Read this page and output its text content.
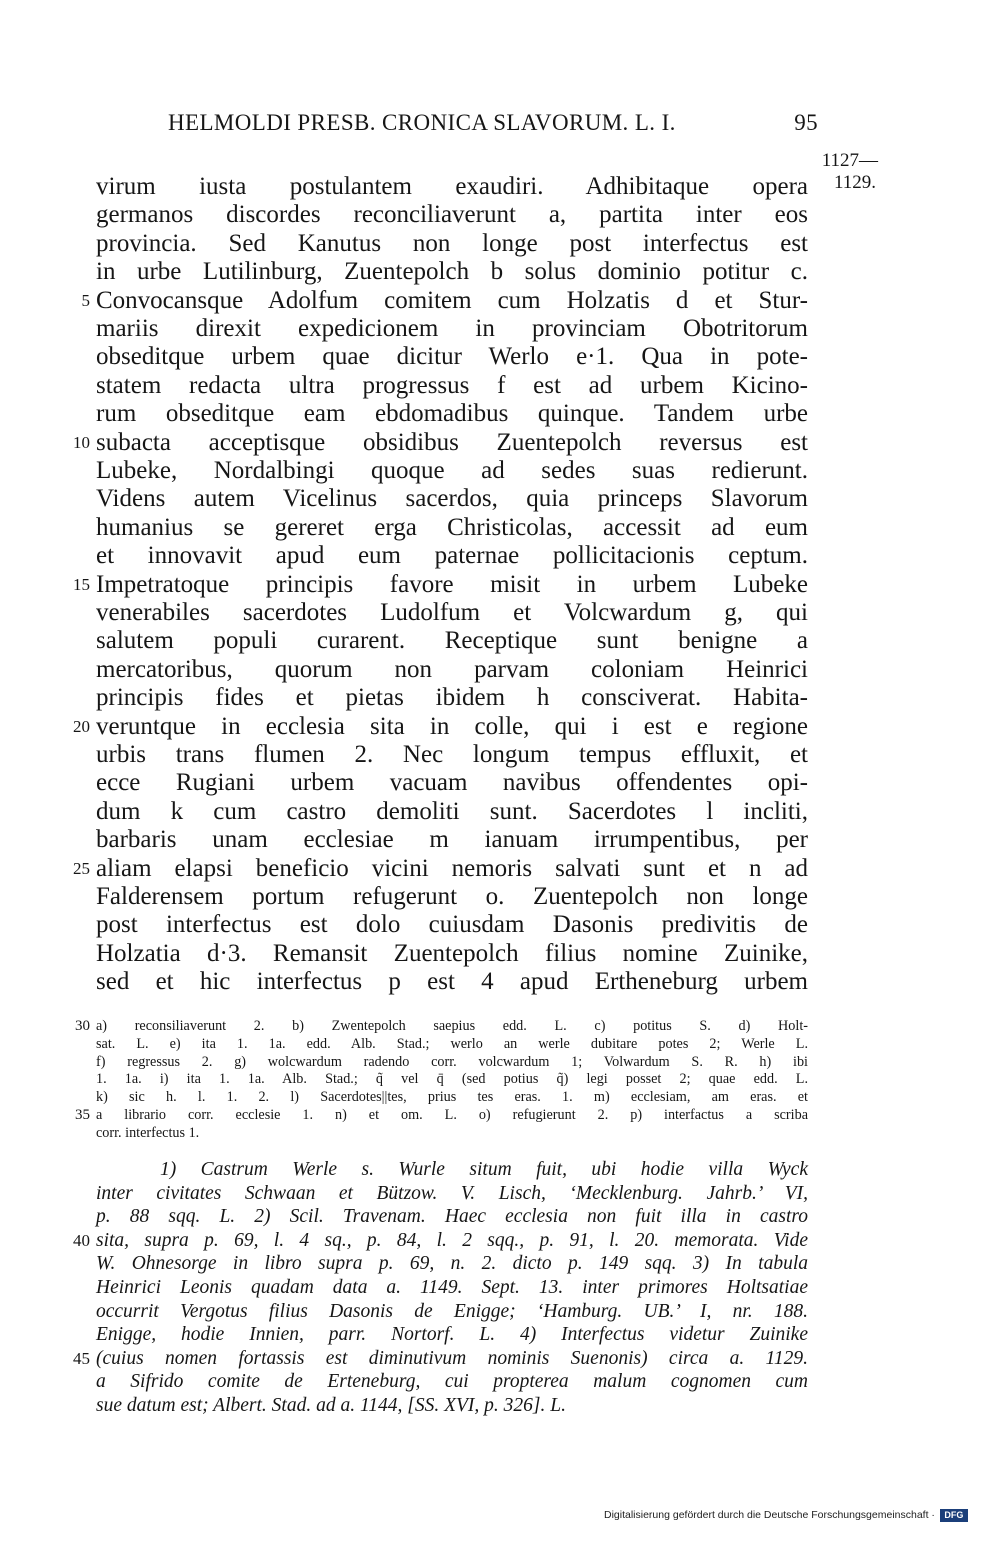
HELMOLDI PRESB. CRONICA SLAVORUM. L. I.	95
1127—
1129.
virum iusta postulantem exaudiri. Adhibitaque opera
germanos discordes reconciliaverunt a, partita inter eos
provincia. Sed Kanutus non longe post interfectus est
in urbe Lutilinburg, Zuentepolch b solus dominio potitur c.
Convocansque Adolfum comitem cum Holzatis d et Stur-
mariis direxit expedicionem in provinciam Obotritorum
obseditque urbem quae dicitur Werlo e·1. Qua in pote-
statem redacta ultra progressus f est ad urbem Kicino-
rum obseditque eam ebdomadibus quinque. Tandem urbe
subacta acceptisque obsidibus Zuentepolch reversus est
Lubeke, Nordalbingi quoque ad sedes suas redierunt.
Videns autem Vicelinus sacerdos, quia princeps Slavorum
humanius se gereret erga Christicolas, accessit ad eum
et innovavit apud eum paternae pollicitacionis ceptum.
Impetratoque principis favore misit in urbem Lubeke
venerabiles sacerdotes Ludolfum et Volcwardum g, qui
salutem populi curarent. Receptique sunt benigne a
mercatoribus, quorum non parvam coloniam Heinrici
principis fides et pietas ibidem h consciverat. Habita-
veruntque in ecclesia sita in colle, qui i est e regione
urbis trans flumen 2. Nec longum tempus effluxit, et
ecce Rugiani urbem vacuam navibus offendentes opi-
dum k cum castro demoliti sunt. Sacerdotes l incliti,
barbaris unam ecclesiae m ianuam irrumpentibus, per
aliam elapsi beneficio vicini nemoris salvati sunt et n ad
Falderensem portum refugerunt o. Zuentepolch non longe
post interfectus est dolo cuiusdam Dasonis predivitis de
Holzatia d·3. Remansit Zuentepolch filius nomine Zuinike,
sed et hic interfectus p est 4 apud Ertheneburg urbem
5
10
15
20
25
a) reconsiliaverunt 2. b) Zwentepolch saepius edd. L. c) potitus S. d) Holt-
sat. L. e) ita 1. 1a. edd. Alb. Stad.; werlo an werle dubitare potes 2; Werle L.
f) regressus 2. g) wolcwardum radendo corr. volcwardum 1; Volwardum S. R. h) ibi
1. 1a. i) ita 1. 1a. Alb. Stad.; q̃ vel q̄ (sed potius q̃) legi posset 2; quae edd. L.
k) sic h. l. 1. 2. l) Sacerdotes||tes, prius tes eras. 1. m) ecclesiam, am eras. et
a librario corr. ecclesie 1. n) et om. L. o) refugierunt 2. p) interfactus a scriba
corr. interfectus 1.
30
35
1) Castrum Werle s. Wurle situm fuit, ubi hodie villa Wyck
inter civitates Schwaan et Bützow. V. Lisch, ‘Mecklenburg. Jahrb.’ VI,
p. 88 sqq. L. 2) Scil. Travenam. Haec ecclesia non fuit illa in castro
sita, supra p. 69, l. 4 sq., p. 84, l. 2 sqq., p. 91, l. 20. memorata. Vide
W. Ohnesorge in libro supra p. 69, n. 2. dicto p. 149 sqq. 3) In tabula
Heinrici Leonis quadam data a. 1149. Sept. 13. inter primores Holtsatiae
occurrit Vergotus filius Dasonis de Enigge; ‘Hamburg. UB.’ I, nr. 188.
Enigge, hodie Innien, parr. Nortorf. L. 4) Interfectus videtur Zuinike
(cuius nomen fortassis est diminutivum nominis Suenonis) circa a. 1129.
a Sifrido comite de Erteneburg, cui propterea malum cognomen cum
sue datum est; Albert. Stad. ad a. 1144, [SS. XVI, p. 326]. L.
40
45
Digitalisierung gefördert durch die Deutsche Forschungsgemeinschaft · DFG
